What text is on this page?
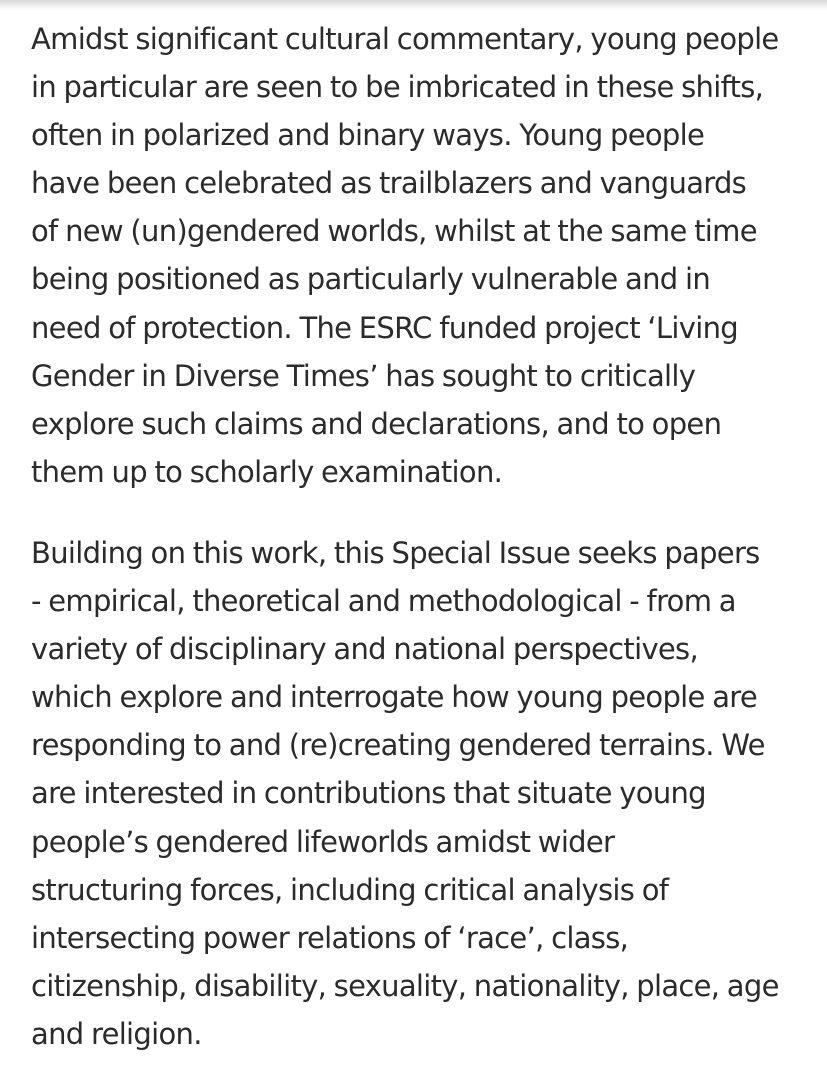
Amidst significant cultural commentary, young people
in particular are seen to be imbricated in these shifts,
often in polarized and binary ways. Young people
have been celebrated as trailblazers and vanguards
of new (un)gendered worlds, whilst at the same time
being positioned as particularly vulnerable and in
need of protection. The ESRC funded project ‘Living
Gender in Diverse Times’ has sought to critically
explore such claims and declarations, and to open
them up to scholarly examination.

Building on this work, this Special Issue seeks papers
- empirical, theoretical and methodological - from a
variety of disciplinary and national perspectives,
which explore and interrogate how young people are
responding to and (re)creating gendered terrains. We
are interested in contributions that situate young
people’s gendered lifeworlds amidst wider
structuring forces, including critical analysis of
intersecting power relations of ‘race’, class,
citizenship, disability, sexuality, nationality, place, age
and religion.
